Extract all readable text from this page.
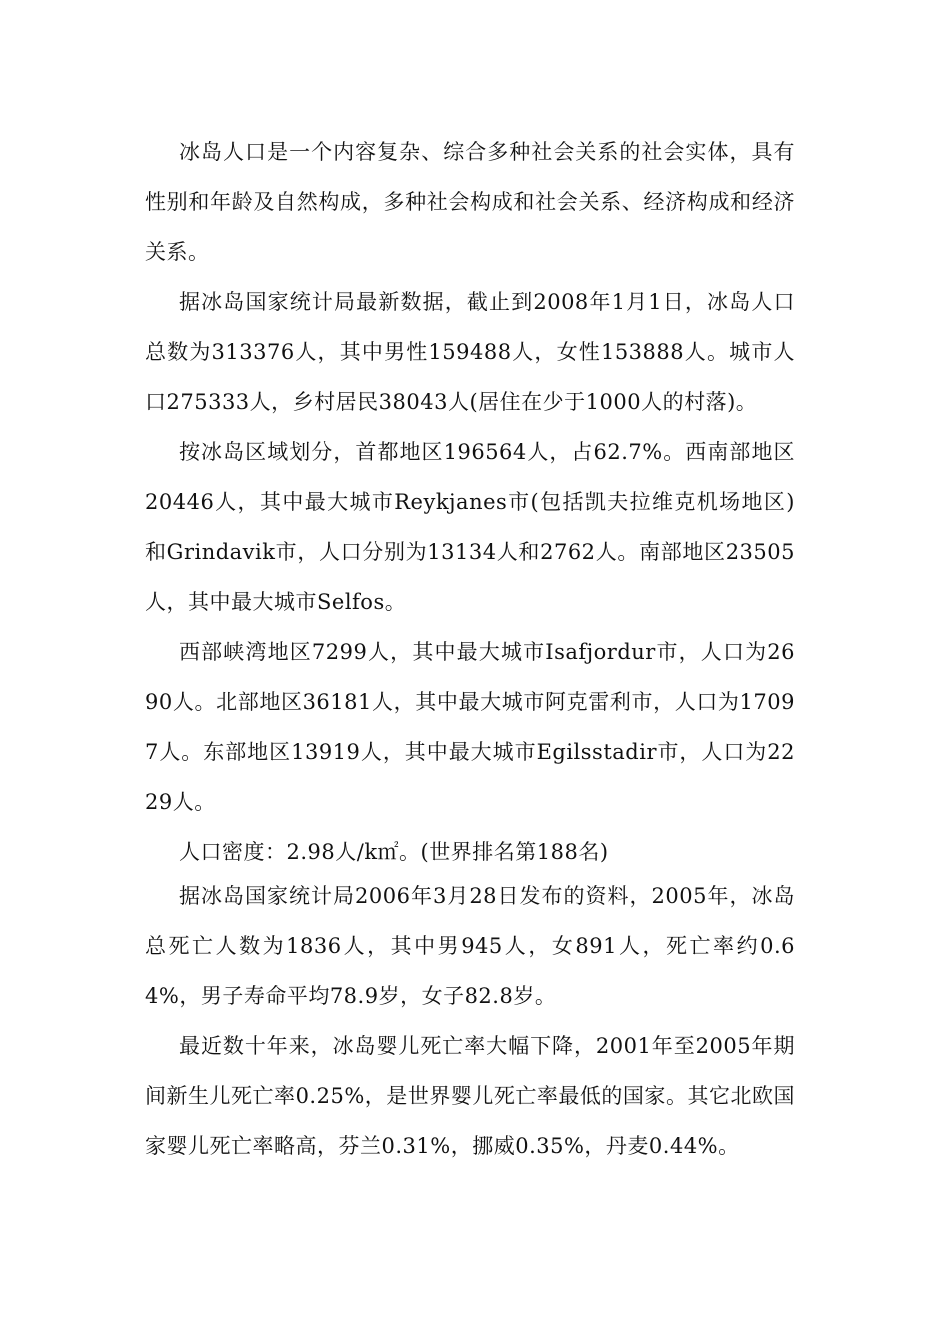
冰岛人口是一个内容复杂、综合多种社会关系的社会实体，具有性别和年龄及自然构成，多种社会构成和社会关系、经济构成和经济关系。

据冰岛国家统计局最新数据，截止到2008年1月1日，冰岛人口总数为313376人，其中男性159488人，女性153888人。城市人口275333人，乡村居民38043人(居住在少于1000人的村落)。

按冰岛区域划分，首都地区196564人，占62.7%。西南部地区20446人，其中最大城市Reykjanes市(包括凯夫拉维克机场地区)和Grindavik市，人口分别为13134人和2762人。南部地区23505人，其中最大城市Selfos。

西部峡湾地区7299人，其中最大城市Isafjordur市，人口为2690人。北部地区36181人，其中最大城市阿克雷利市，人口为17097人。东部地区13919人，其中最大城市Egilsstadir市，人口为2229人。

人口密度：2.98人/k㎡。(世界排名第188名)

据冰岛国家统计局2006年3月28日发布的资料，2005年，冰岛总死亡人数为1836人，其中男945人，女891人，死亡率约0.64%，男子寿命平均78.9岁，女子82.8岁。

最近数十年来，冰岛婴儿死亡率大幅下降，2001年至2005年期间新生儿死亡率0.25%，是世界婴儿死亡率最低的国家。其它北欧国家婴儿死亡率略高，芬兰0.31%，挪威0.35%，丹麦0.44%。
